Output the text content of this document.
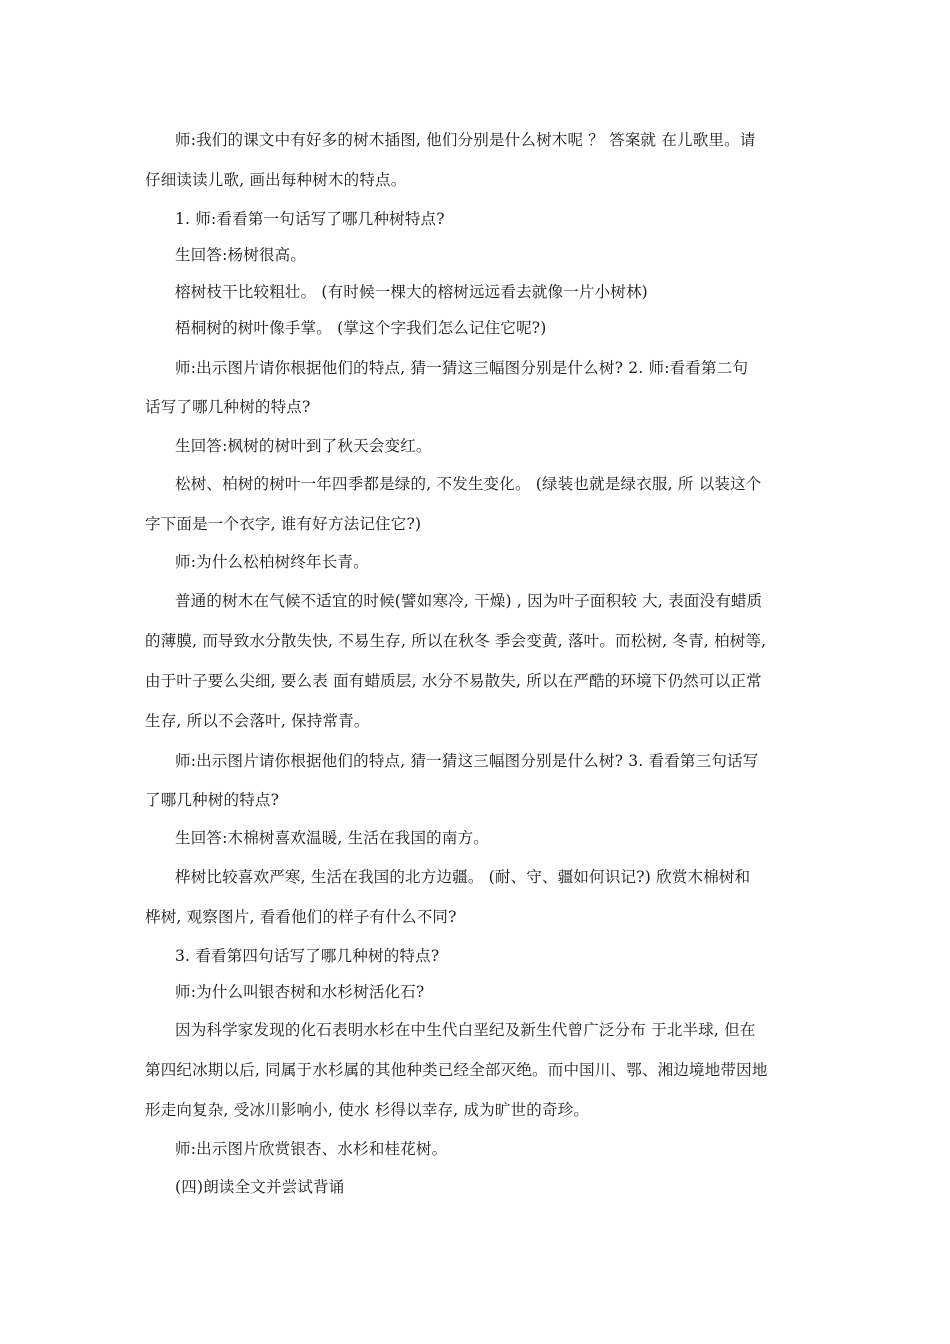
师:我们的课文中有好多的树木插图, 他们分别是什么树木呢 ？ 答案就 在儿歌里。请
仔细读读儿歌, 画出每种树木的特点。
1. 师:看看第一句话写了哪几种树特点?
生回答:杨树很高。
榕树枝干比较粗壮。 (有时候一棵大的榕树远远看去就像一片小树林)
梧桐树的树叶像手掌。 (掌这个字我们怎么记住它呢?)
师:出示图片请你根据他们的特点, 猜一猜这三幅图分别是什么树? 2. 师:看看第二句
话写了哪几种树的特点?
生回答:枫树的树叶到了秋天会变红。
松树、柏树的树叶一年四季都是绿的, 不发生变化。 (绿装也就是绿衣服, 所 以装这个
字下面是一个衣字, 谁有好方法记住它?)
师:为什么松柏树终年长青。
普通的树木在气候不适宜的时候(譬如寒冷, 干燥) , 因为叶子面积较 大, 表面没有蜡质
的薄膜, 而导致水分散失快, 不易生存, 所以在秋冬 季会变黄, 落叶。而松树, 冬青, 柏树等,
由于叶子要么尖细, 要么表 面有蜡质层, 水分不易散失, 所以在严酷的环境下仍然可以正常
生存, 所以不会落叶, 保持常青。
师:出示图片请你根据他们的特点, 猜一猜这三幅图分别是什么树? 3. 看看第三句话写
了哪几种树的特点?
生回答:木棉树喜欢温暖, 生活在我国的南方。
桦树比较喜欢严寒, 生活在我国的北方边疆。 (耐、守、疆如何识记?) 欣赏木棉树和
桦树, 观察图片, 看看他们的样子有什么不同?
3. 看看第四句话写了哪几种树的特点?
师:为什么叫银杏树和水杉树活化石?
因为科学家发现的化石表明水杉在中生代白垩纪及新生代曾广泛分布 于北半球, 但在
第四纪冰期以后, 同属于水杉属的其他种类已经全部灭绝。而中国川、鄂、湘边境地带因地
形走向复杂, 受冰川影响小, 使水 杉得以幸存, 成为旷世的奇珍。
师:出示图片欣赏银杏、水杉和桂花树。
(四)朗读全文并尝试背诵
